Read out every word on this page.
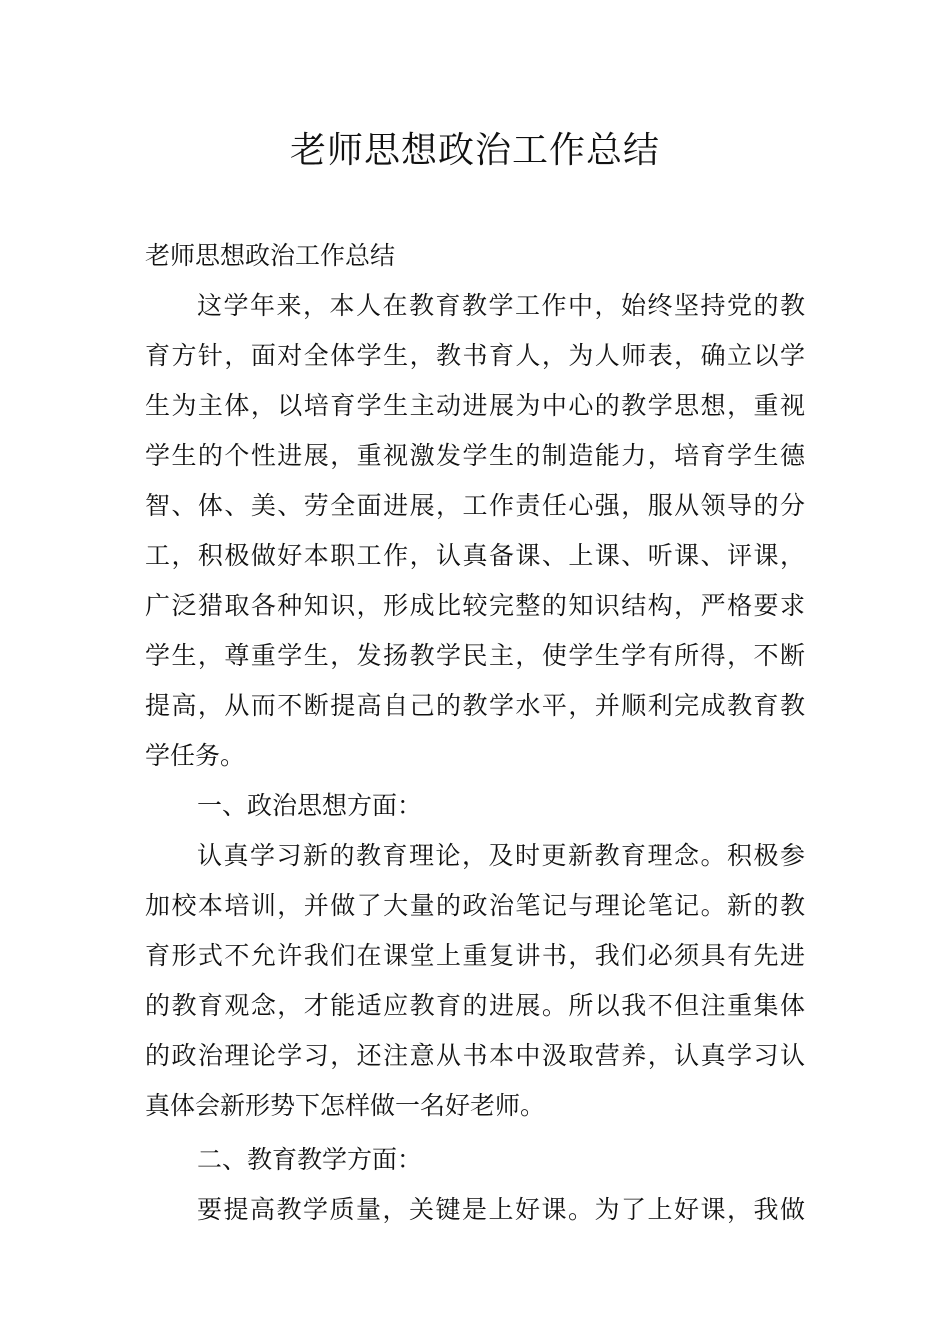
老师思想政治工作总结
老师思想政治工作总结
这学年来，本人在教育教学工作中，始终坚持党的教
育方针，面对全体学生，教书育人，为人师表，确立以学
生为主体，以培育学生主动进展为中心的教学思想，重视
学生的个性进展，重视激发学生的制造能力，培育学生德
智、体、美、劳全面进展，工作责任心强，服从领导的分
工，积极做好本职工作，认真备课、上课、听课、评课，
广泛猎取各种知识，形成比较完整的知识结构，严格要求
学生，尊重学生，发扬教学民主，使学生学有所得，不断
提高，从而不断提高自己的教学水平，并顺利完成教育教
学任务。
一、政治思想方面：
认真学习新的教育理论，及时更新教育理念。积极参
加校本培训，并做了大量的政治笔记与理论笔记。新的教
育形式不允许我们在课堂上重复讲书，我们必须具有先进
的教育观念，才能适应教育的进展。所以我不但注重集体
的政治理论学习，还注意从书本中汲取营养，认真学习认
真体会新形势下怎样做一名好老师。
二、教育教学方面：
要提高教学质量，关键是上好课。为了上好课，我做
